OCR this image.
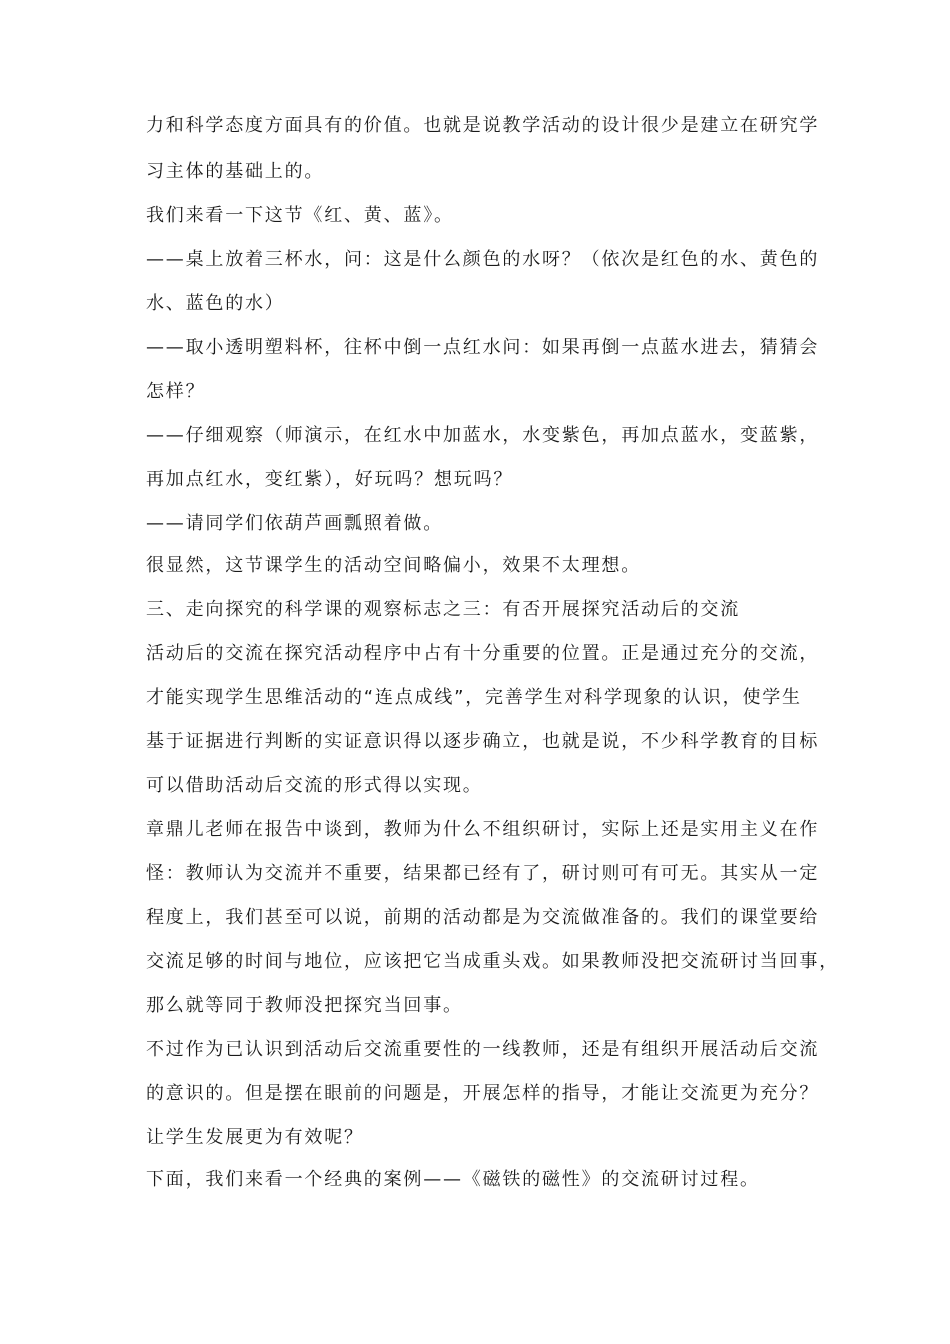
力和科学态度方面具有的价值。也就是说教学活动的设计很少是建立在研究学
习主体的基础上的。
我们来看一下这节《红、黄、蓝》。
——桌上放着三杯水，问：这是什么颜色的水呀？（依次是红色的水、黄色的
水、蓝色的水）
——取小透明塑料杯，往杯中倒一点红水问：如果再倒一点蓝水进去，猜猜会
怎样？
——仔细观察（师演示，在红水中加蓝水，水变紫色，再加点蓝水，变蓝紫，
再加点红水，变红紫），好玩吗？想玩吗？
——请同学们依葫芦画瓢照着做。
很显然，这节课学生的活动空间略偏小，效果不太理想。
三、走向探究的科学课的观察标志之三：有否开展探究活动后的交流
活动后的交流在探究活动程序中占有十分重要的位置。正是通过充分的交流，
才能实现学生思维活动的“连点成线”，完善学生对科学现象的认识，使学生
基于证据进行判断的实证意识得以逐步确立，也就是说，不少科学教育的目标
可以借助活动后交流的形式得以实现。
章鼎儿老师在报告中谈到，教师为什么不组织研讨，实际上还是实用主义在作
怪：教师认为交流并不重要，结果都已经有了，研讨则可有可无。其实从一定
程度上，我们甚至可以说，前期的活动都是为交流做准备的。我们的课堂要给
交流足够的时间与地位，应该把它当成重头戏。如果教师没把交流研讨当回事，
那么就等同于教师没把探究当回事。
不过作为已认识到活动后交流重要性的一线教师，还是有组织开展活动后交流
的意识的。但是摆在眼前的问题是，开展怎样的指导，才能让交流更为充分？
让学生发展更为有效呢？
下面，我们来看一个经典的案例——《磁铁的磁性》的交流研讨过程。
